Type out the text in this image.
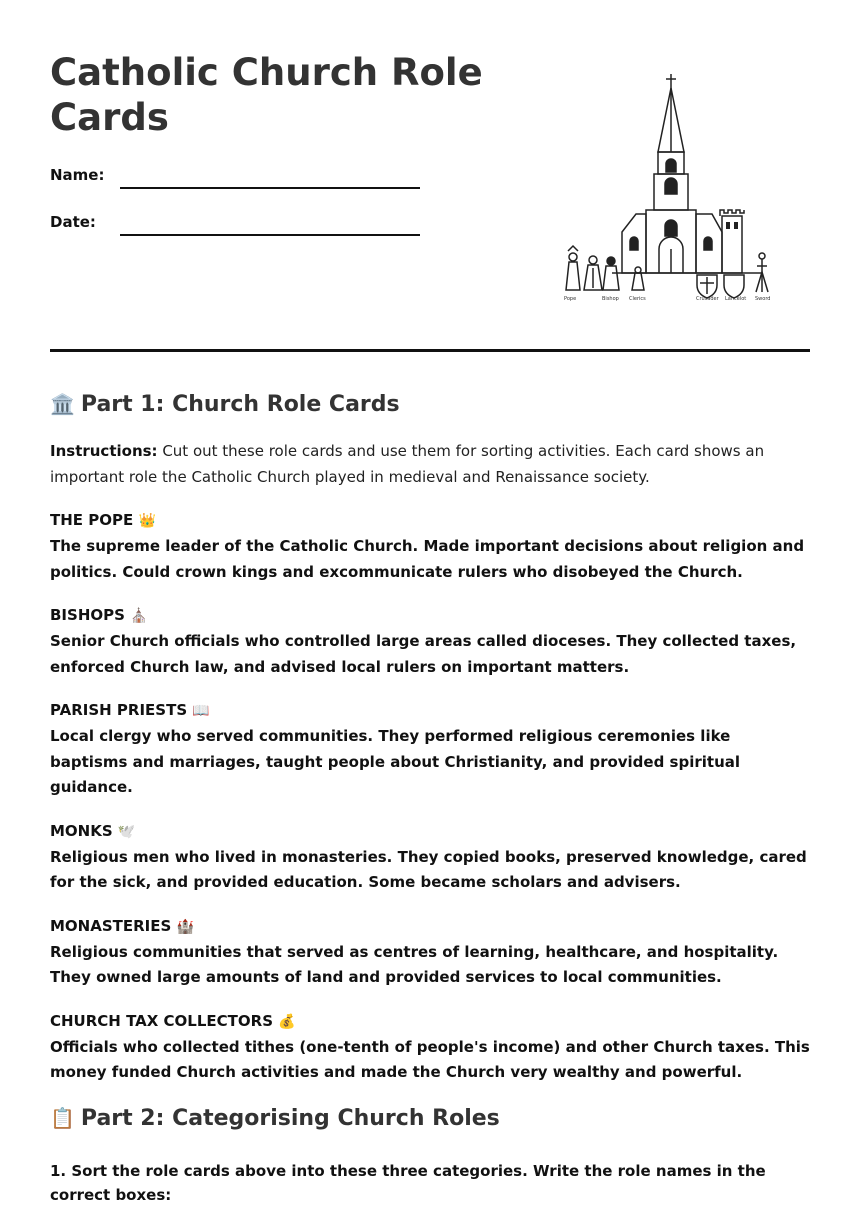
Catholic Church Role Cards
Name:
Date:
Pope	Bishop Clerics	Crusader Lancelot Sword
🏛️ Part 1: Church Role Cards

Instructions: Cut out these role cards and use them for sorting activities. Each card shows an important role the Catholic Church played in medieval and Renaissance society.

THE POPE 👑
The supreme leader of the Catholic Church. Made important decisions about religion and politics. Could crown kings and excommunicate rulers who disobeyed the Church.
BISHOPS ⛪
Senior Church officials who controlled large areas called dioceses. They collected taxes, enforced Church law, and advised local rulers on important matters.
PARISH PRIESTS 📖
Local clergy who served communities. They performed religious ceremonies like baptisms and marriages, taught people about Christianity, and provided spiritual guidance.
MONKS 🕊️
Religious men who lived in monasteries. They copied books, preserved knowledge, cared for the sick, and provided education. Some became scholars and advisers.
MONASTERIES 🏰
Religious communities that served as centres of learning, healthcare, and hospitality. They owned large amounts of land and provided services to local communities.
CHURCH TAX COLLECTORS 💰
Officials who collected tithes (one-tenth of people's income) and other Church taxes. This money funded Church activities and made the Church very wealthy and powerful.
📋 Part 2: Categorising Church Roles
1. Sort the role cards above into these three categories. Write the role names in the correct boxes:
